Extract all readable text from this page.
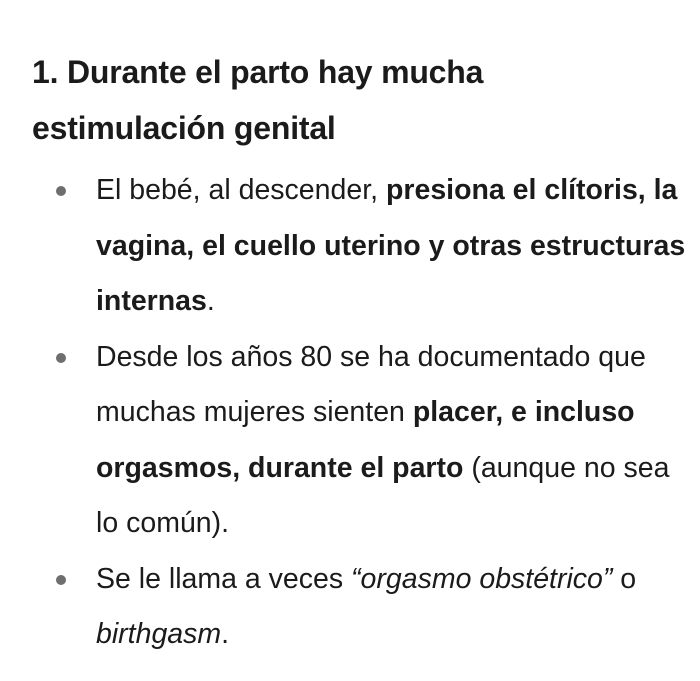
1. Durante el parto hay mucha estimulación genital
El bebé, al descender, presiona el clítoris, la vagina, el cuello uterino y otras estructuras internas.
Desde los años 80 se ha documentado que muchas mujeres sienten placer, e incluso orgasmos, durante el parto (aunque no sea lo común).
Se le llama a veces “orgasmo obstétrico” o birthgasm.
